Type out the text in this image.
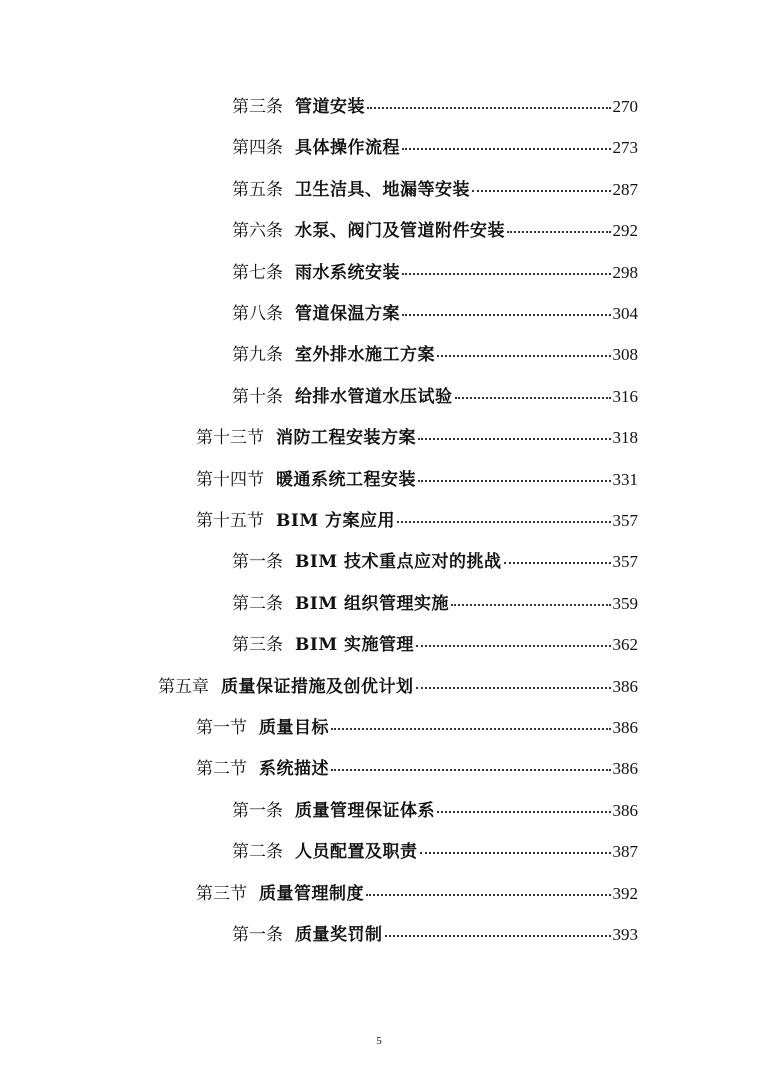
第三条 管道安装	270
第四条 具体操作流程	273
第五条 卫生洁具、地漏等安装	287
第六条 水泵、阀门及管道附件安装	292
第七条 雨水系统安装	298
第八条 管道保温方案	304
第九条 室外排水施工方案	308
第十条 给排水管道水压试验	316
第十三节 消防工程安装方案	318
第十四节 暖通系统工程安装	331
第十五节 BIM 方案应用	357
第一条 BIM 技术重点应对的挑战	357
第二条 BIM 组织管理实施	359
第三条 BIM 实施管理	362
第五章 质量保证措施及创优计划	386
第一节 质量目标	386
第二节 系统描述	386
第一条 质量管理保证体系	386
第二条 人员配置及职责	387
第三节 质量管理制度	392
第一条 质量奖罚制	393
5
